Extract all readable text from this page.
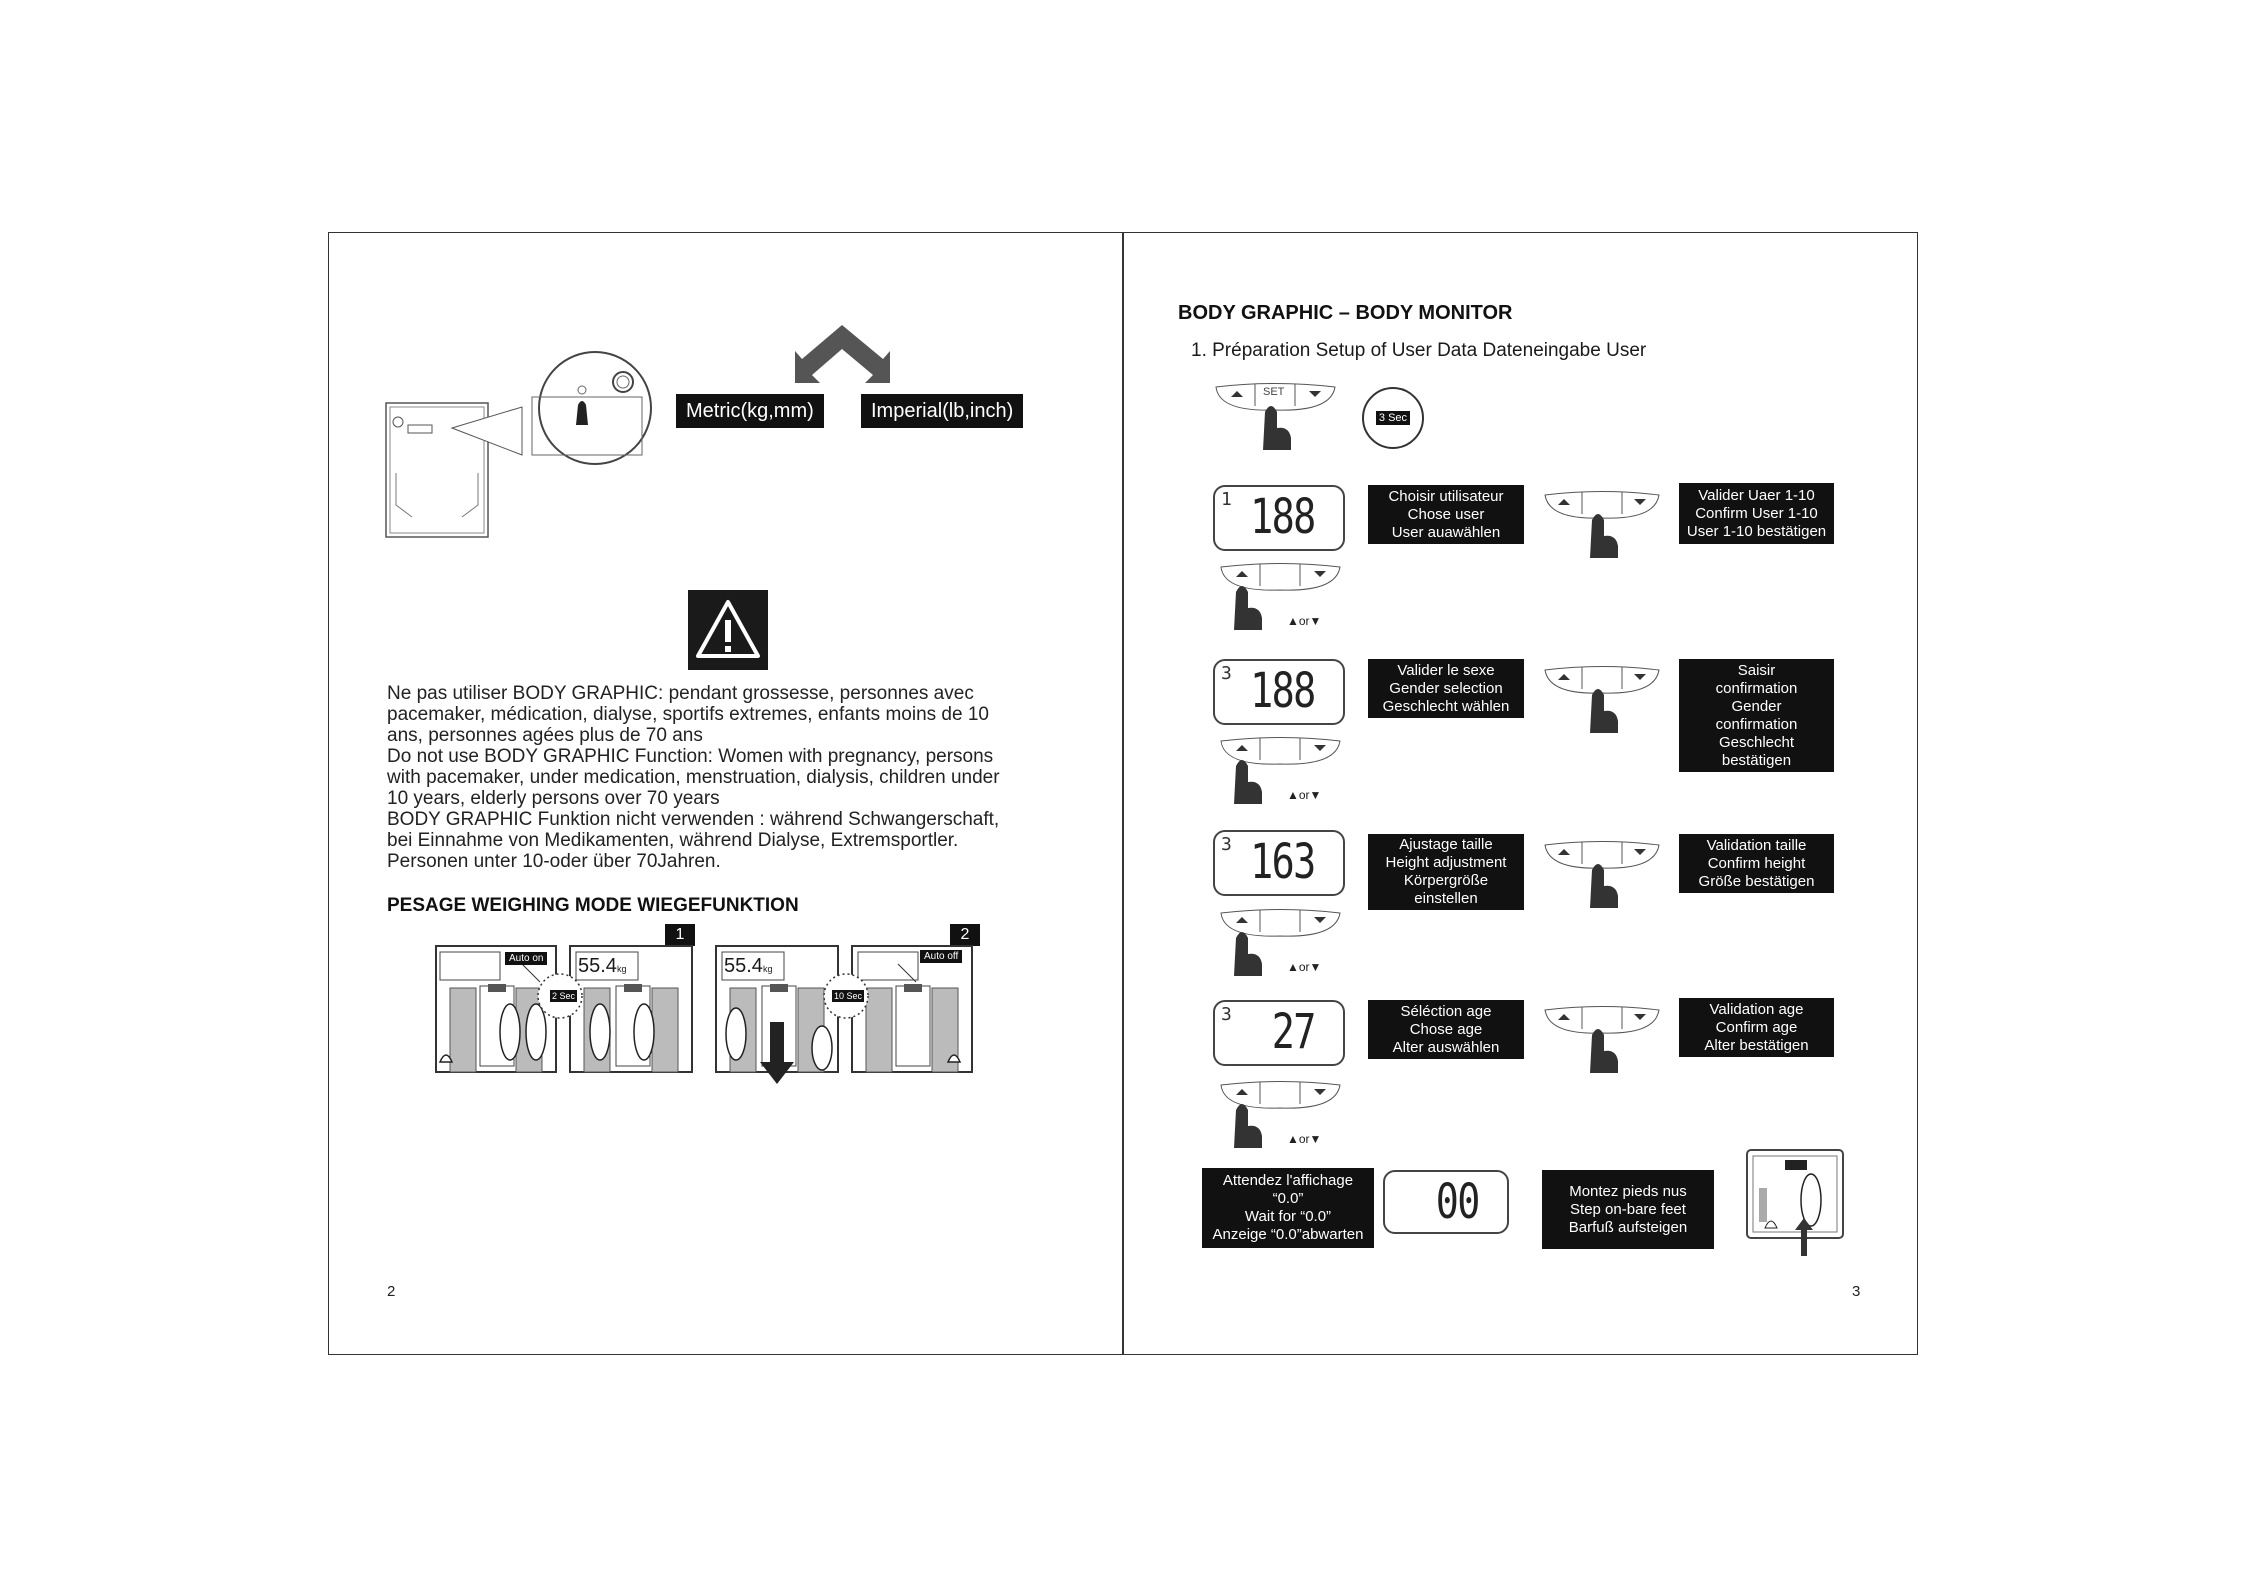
Metric(kg,mm)	Imperial(lb,inch)
Ne pas utiliser BODY GRAPHIC: pendant grossesse, personnes avec
pacemaker, médication, dialyse, sportifs extremes, enfants moins de 10
ans, personnes agées plus de 70 ans
Do not use BODY GRAPHIC Function: Women with pregnancy, persons
with pacemaker, under medication, menstruation, dialysis, children under
10 years, elderly persons over 70 years
BODY GRAPHIC Funktion nicht verwenden : während Schwangerschaft,
bei Einnahme von Medikamenten, während Dialyse, Extremsportler.
Personen unter 10-oder über 70Jahren.
PESAGE WEIGHING MODE WIEGEFUNKTION
1	2
Auto on	Auto off
55.4kg	55.4kg
2 Sec	10 Sec
2
BODY GRAPHIC – BODY MONITOR
1. Préparation Setup of User Data Dateneingabe User
SET
3 Sec
1 188	Choisir utilisateur
Chose user
User auawählen
Valider Uaer 1-10
Confirm User 1-10
User 1-10 bestätigen
3 188	Valider le sexe
Gender selection
Geschlecht wählen
Saisir
confirmation
Gender
confirmation
Geschlecht
bestätigen
3 163	Ajustage taille
Height adjustment
Körpergröße
einstellen
Validation taille
Confirm height
Größe bestätigen
3 27	Séléction age
Chose age
Alter auswählen
Validation age
Confirm age
Alter bestätigen
▲or▼
▲or▼
▲or▼
▲or▼
Attendez l'affichage
“0.0”
Wait for “0.0”
Anzeige “0.0”abwarten
00	Montez pieds nus
Step on-bare feet
Barfuß aufsteigen
3
